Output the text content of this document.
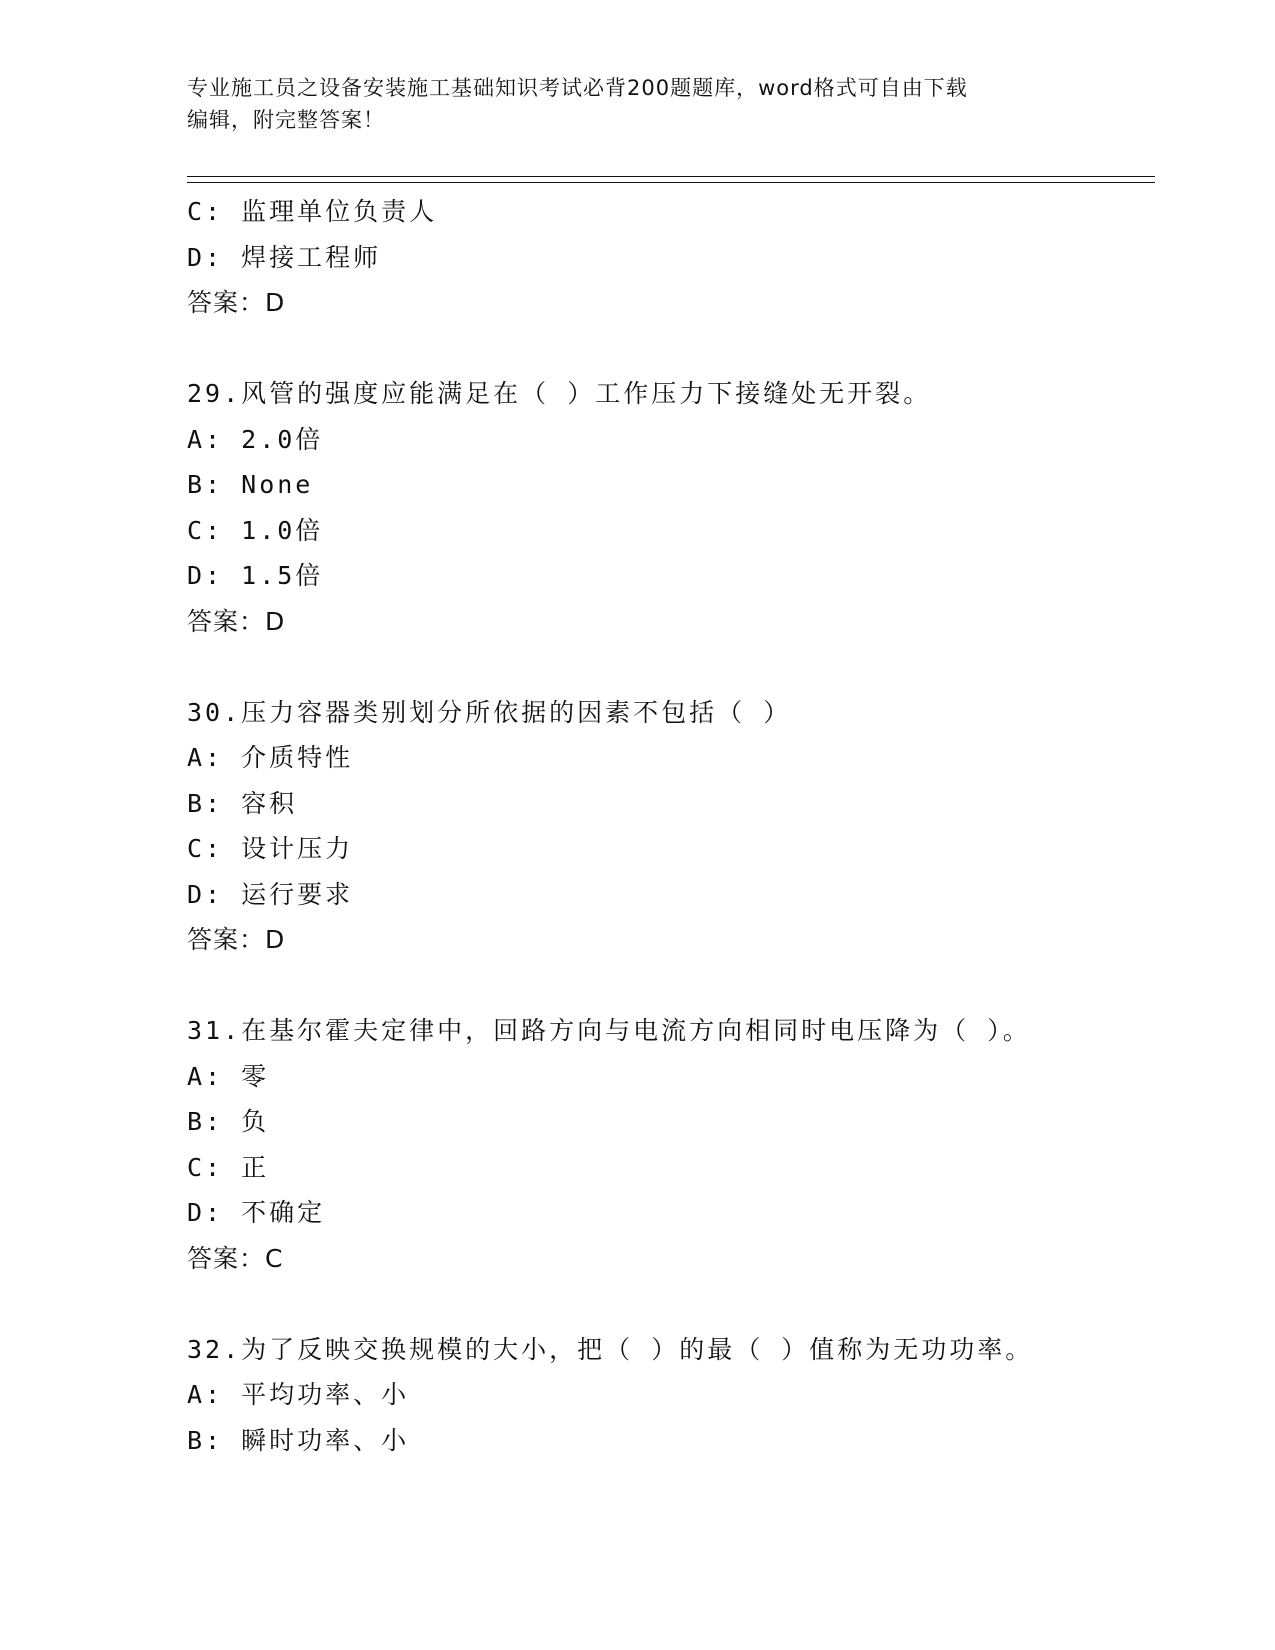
专业施工员之设备安装施工基础知识考试必背200题题库，word格式可自由下载
编辑，附完整答案！
C: 监理单位负责人
D: 焊接工程师
答案：D
29.风管的强度应能满足在（ ）工作压力下接缝处无开裂。
A: 2.0倍
B: None
C: 1.0倍
D: 1.5倍
答案：D
30.压力容器类别划分所依据的因素不包括（ ）
A: 介质特性
B: 容积
C: 设计压力
D: 运行要求
答案：D
31.在基尔霍夫定律中，回路方向与电流方向相同时电压降为（ ）。
A: 零
B: 负
C: 正
D: 不确定
答案：C
32.为了反映交换规模的大小，把（ ）的最（ ）值称为无功功率。
A: 平均功率、小
B: 瞬时功率、小
